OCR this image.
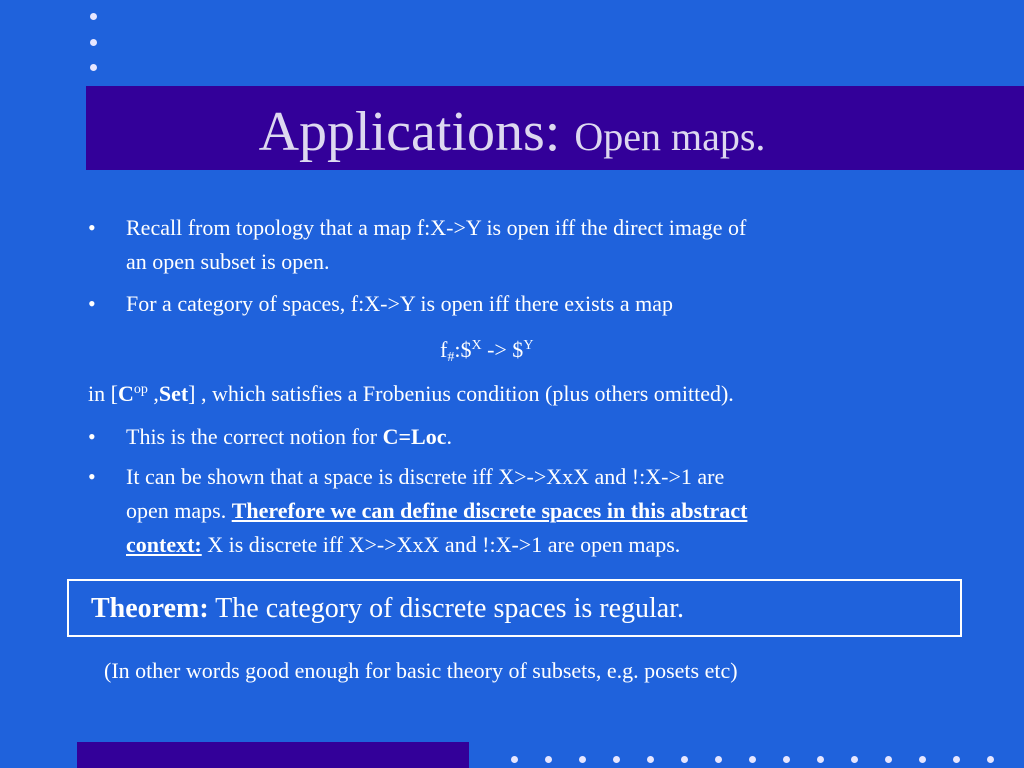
Applications: Open maps.
• Recall from topology that a map f:X->Y is open iff the direct image of
an open subset is open.
• For a category of spaces, f:X->Y is open iff there exists a map
$f_{\#}:\$^X$ -> \$$^Y$
in [$C^{op}$ ,Set] , which satisfies a Frobenius condition (plus others omitted).
• This is the correct notion for C=Loc.
• It can be shown that a space is discrete iff X>->XxX and !:X->1 are
open maps. Therefore we can define discrete spaces in this abstract
context: X is discrete iff X>->XxX and !:X->1 are open maps.
Theorem: The category of discrete spaces is regular.
(In other words good enough for basic theory of subsets, e.g. posets etc)
